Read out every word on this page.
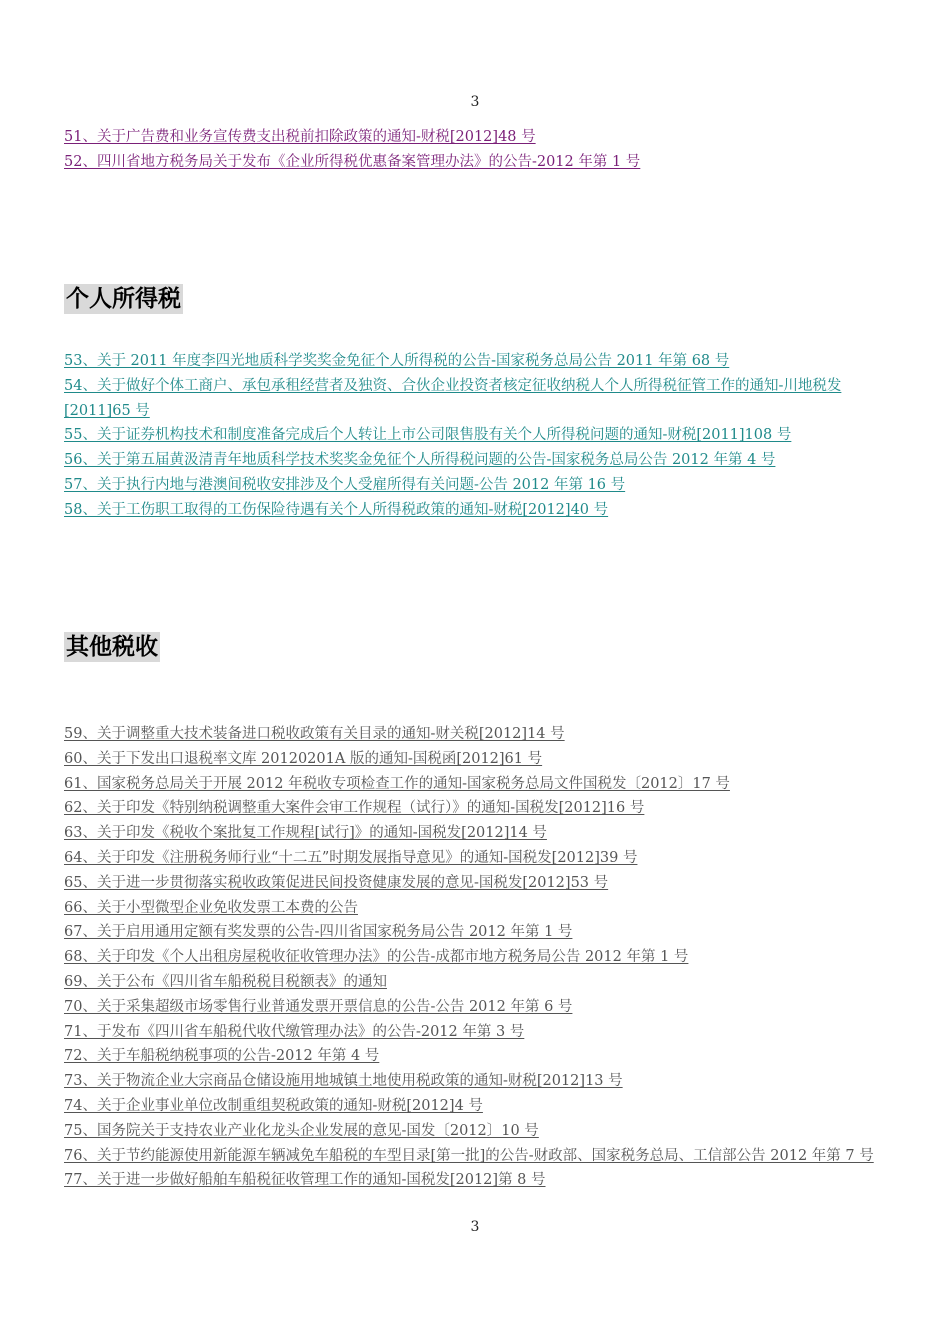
3
51、关于广告费和业务宣传费支出税前扣除政策的通知-财税[2012]48 号
52、四川省地方税务局关于发布《企业所得税优惠备案管理办法》的公告-2012 年第 1 号
个人所得税
53、关于 2011 年度李四光地质科学奖奖金免征个人所得税的公告-国家税务总局公告 2011 年第 68 号
54、关于做好个体工商户、承包承租经营者及独资、合伙企业投资者核定征收纳税人个人所得税征管工作的通知-川地税发[2011]65 号
55、关于证券机构技术和制度准备完成后个人转让上市公司限售股有关个人所得税问题的通知-财税[2011]108 号
56、关于第五届黄汲清青年地质科学技术奖奖金免征个人所得税问题的公告-国家税务总局公告 2012 年第 4 号
57、关于执行内地与港澳间税收安排涉及个人受雇所得有关问题-公告 2012 年第 16 号
58、关于工伤职工取得的工伤保险待遇有关个人所得税政策的通知-财税[2012]40 号
其他税收
59、关于调整重大技术装备进口税收政策有关目录的通知-财关税[2012]14 号
60、关于下发出口退税率文库 20120201A 版的通知-国税函[2012]61 号
61、国家税务总局关于开展 2012 年税收专项检查工作的通知-国家税务总局文件国税发〔2012〕17 号
62、关于印发《特别纳税调整重大案件会审工作规程（试行）》的通知-国税发[2012]16 号
63、关于印发《税收个案批复工作规程[试行]》的通知-国税发[2012]14 号
64、关于印发《注册税务师行业“十二五”时期发展指导意见》的通知-国税发[2012]39 号
65、关于进一步贯彻落实税收政策促进民间投资健康发展的意见-国税发[2012]53 号
66、关于小型微型企业免收发票工本费的公告
67、关于启用通用定额有奖发票的公告-四川省国家税务局公告 2012 年第 1 号
68、关于印发《个人出租房屋税收征收管理办法》的公告-成都市地方税务局公告 2012 年第 1 号
69、关于公布《四川省车船税税目税额表》的通知
70、关于采集超级市场零售行业普通发票开票信息的公告-公告 2012 年第 6 号
71、于发布《四川省车船税代收代缴管理办法》的公告-2012 年第 3 号
72、关于车船税纳税事项的公告-2012 年第 4 号
73、关于物流企业大宗商品仓储设施用地城镇土地使用税政策的通知-财税[2012]13 号
74、关于企业事业单位改制重组契税政策的通知-财税[2012]4 号
75、国务院关于支持农业产业化龙头企业发展的意见-国发〔2012〕10 号
76、关于节约能源使用新能源车辆减免车船税的车型目录[第一批]的公告-财政部、国家税务总局、工信部公告 2012 年第 7 号
77、关于进一步做好船舶车船税征收管理工作的通知-国税发[2012]第 8 号
3
